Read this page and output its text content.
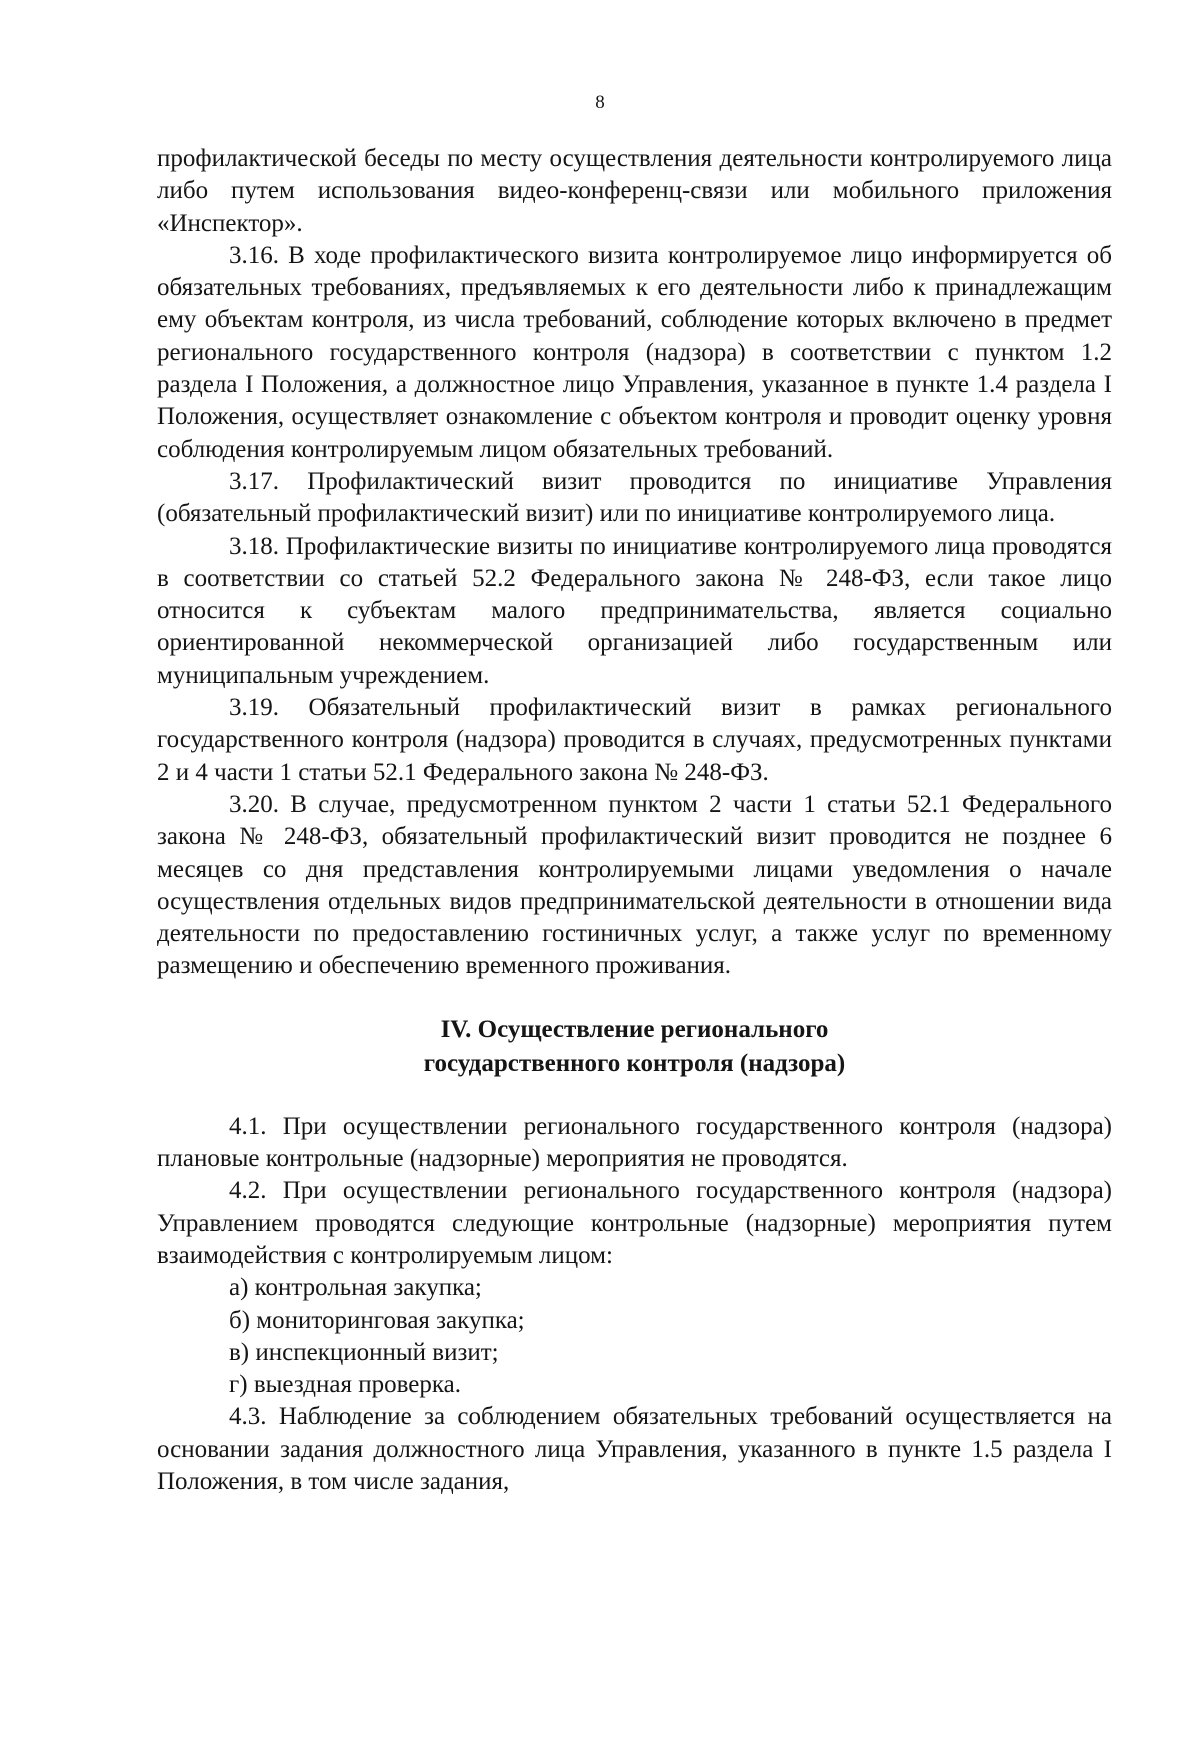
8

профилактической беседы по месту осуществления деятельности контролируемого лица либо путем использования видео-конференц-связи или мобильного приложения «Инспектор».

3.16. В ходе профилактического визита контролируемое лицо информируется об обязательных требованиях, предъявляемых к его деятельности либо к принадлежащим ему объектам контроля, из числа требований, соблюдение которых включено в предмет регионального государственного контроля (надзора) в соответствии с пунктом 1.2 раздела I Положения, а должностное лицо Управления, указанное в пункте 1.4 раздела I Положения, осуществляет ознакомление с объектом контроля и проводит оценку уровня соблюдения контролируемым лицом обязательных требований.

3.17. Профилактический визит проводится по инициативе Управления (обязательный профилактический визит) или по инициативе контролируемого лица.

3.18. Профилактические визиты по инициативе контролируемого лица проводятся в соответствии со статьей 52.2 Федерального закона № 248-ФЗ, если такое лицо относится к субъектам малого предпринимательства, является социально ориентированной некоммерческой организацией либо государственным или муниципальным учреждением.

3.19. Обязательный профилактический визит в рамках регионального государственного контроля (надзора) проводится в случаях, предусмотренных пунктами 2 и 4 части 1 статьи 52.1 Федерального закона № 248-ФЗ.

3.20. В случае, предусмотренном пунктом 2 части 1 статьи 52.1 Федерального закона № 248-ФЗ, обязательный профилактический визит проводится не позднее 6 месяцев со дня представления контролируемыми лицами уведомления о начале осуществления отдельных видов предпринимательской деятельности в отношении вида деятельности по предоставлению гостиничных услуг, а также услуг по временному размещению и обеспечению временного проживания.

IV. Осуществление регионального
государственного контроля (надзора)

4.1. При осуществлении регионального государственного контроля (надзора) плановые контрольные (надзорные) мероприятия не проводятся.

4.2. При осуществлении регионального государственного контроля (надзора) Управлением проводятся следующие контрольные (надзорные) мероприятия путем взаимодействия с контролируемым лицом:

а) контрольная закупка;

б) мониторинговая закупка;

в) инспекционный визит;

г) выездная проверка.

4.3. Наблюдение за соблюдением обязательных требований осуществляется на основании задания должностного лица Управления, указанного в пункте 1.5 раздела I Положения, в том числе задания,
